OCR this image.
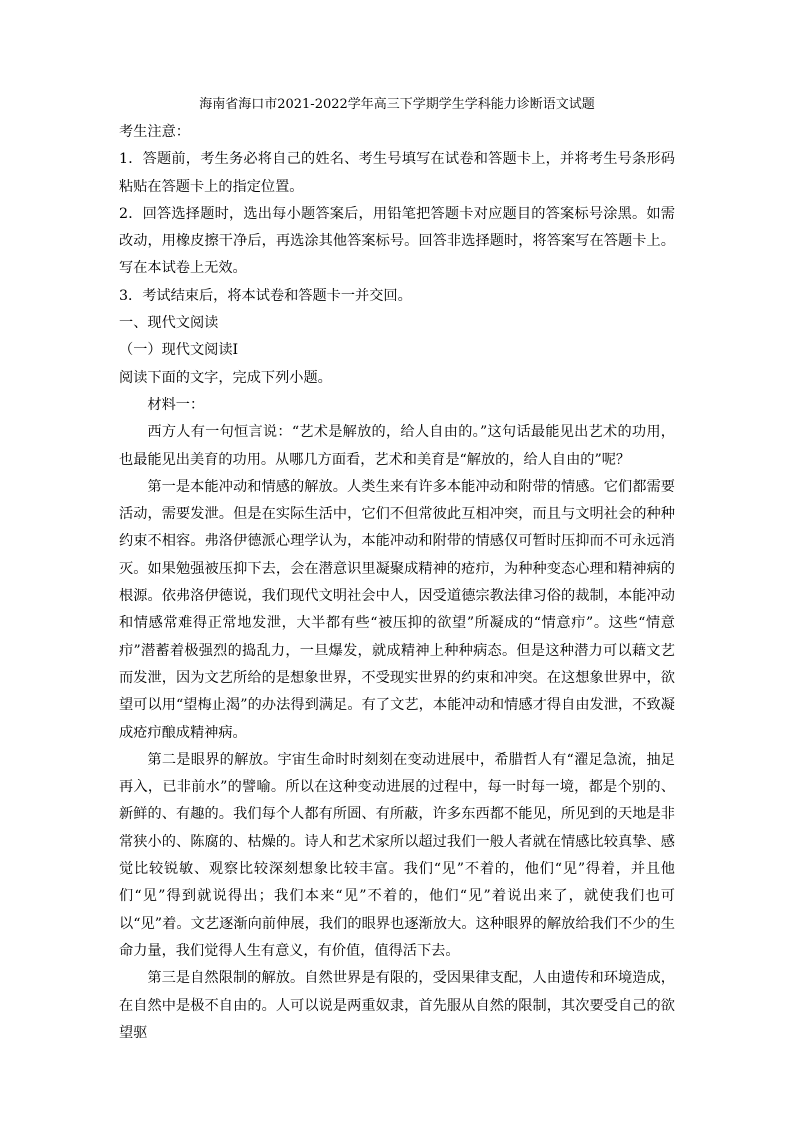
海南省海口市2021-2022学年高三下学期学生学科能力诊断语文试题

考生注意：

1．答题前，考生务必将自己的姓名、考生号填写在试卷和答题卡上，并将考生号条形码粘贴在答题卡上的指定位置。

2．回答选择题时，选出每小题答案后，用铅笔把答题卡对应题目的答案标号涂黑。如需改动，用橡皮擦干净后，再选涂其他答案标号。回答非选择题时，将答案写在答题卡上。写在本试卷上无效。

3．考试结束后，将本试卷和答题卡一并交回。

一、现代文阅读

（一）现代文阅读Ⅰ

阅读下面的文字，完成下列小题。

材料一：

西方人有一句恒言说：“艺术是解放的，给人自由的。”这句话最能见出艺术的功用，也最能见出美育的功用。从哪几方面看，艺术和美育是“解放的，给人自由的”呢？

第一是本能冲动和情感的解放。人类生来有许多本能冲动和附带的情感。它们都需要活动，需要发泄。但是在实际生活中，它们不但常彼此互相冲突，而且与文明社会的种种约束不相容。弗洛伊德派心理学认为，本能冲动和附带的情感仅可暂时压抑而不可永远消灭。如果勉强被压抑下去，会在潜意识里凝聚成精神的疮疖，为种种变态心理和精神病的根源。依弗洛伊德说，我们现代文明社会中人，因受道德宗教法律习俗的裁制，本能冲动和情感常难得正常地发泄，大半都有些“被压抑的欲望”所凝成的“情意疖”。这些“情意疖”潜蓄着极强烈的捣乱力，一旦爆发，就成精神上种种病态。但是这种潜力可以藉文艺而发泄，因为文艺所给的是想象世界，不受现实世界的约束和冲突。在这想象世界中，欲望可以用“望梅止渴”的办法得到满足。有了文艺，本能冲动和情感才得自由发泄，不致凝成疮疖酿成精神病。

第二是眼界的解放。宇宙生命时时刻刻在变动进展中，希腊哲人有“濯足急流，抽足再入，已非前水”的譬喻。所以在这种变动进展的过程中，每一时每一境，都是个别的、新鲜的、有趣的。我们每个人都有所圄、有所蔽，许多东西都不能见，所见到的天地是非常狭小的、陈腐的、枯燥的。诗人和艺术家所以超过我们一般人者就在情感比较真挚、感觉比较锐敏、观察比较深刻想象比较丰富。我们“见”不着的，他们“见”得着，并且他们“见”得到就说得出；我们本来“见”不着的，他们“见”着说出来了，就使我们也可以“见”着。文艺逐渐向前伸展，我们的眼界也逐渐放大。这种眼界的解放给我们不少的生命力量，我们觉得人生有意义，有价值，值得活下去。

第三是自然限制的解放。自然世界是有限的，受因果律支配，人由遗传和环境造成，在自然中是极不自由的。人可以说是两重奴隶，首先服从自然的限制，其次要受自己的欲望驱
